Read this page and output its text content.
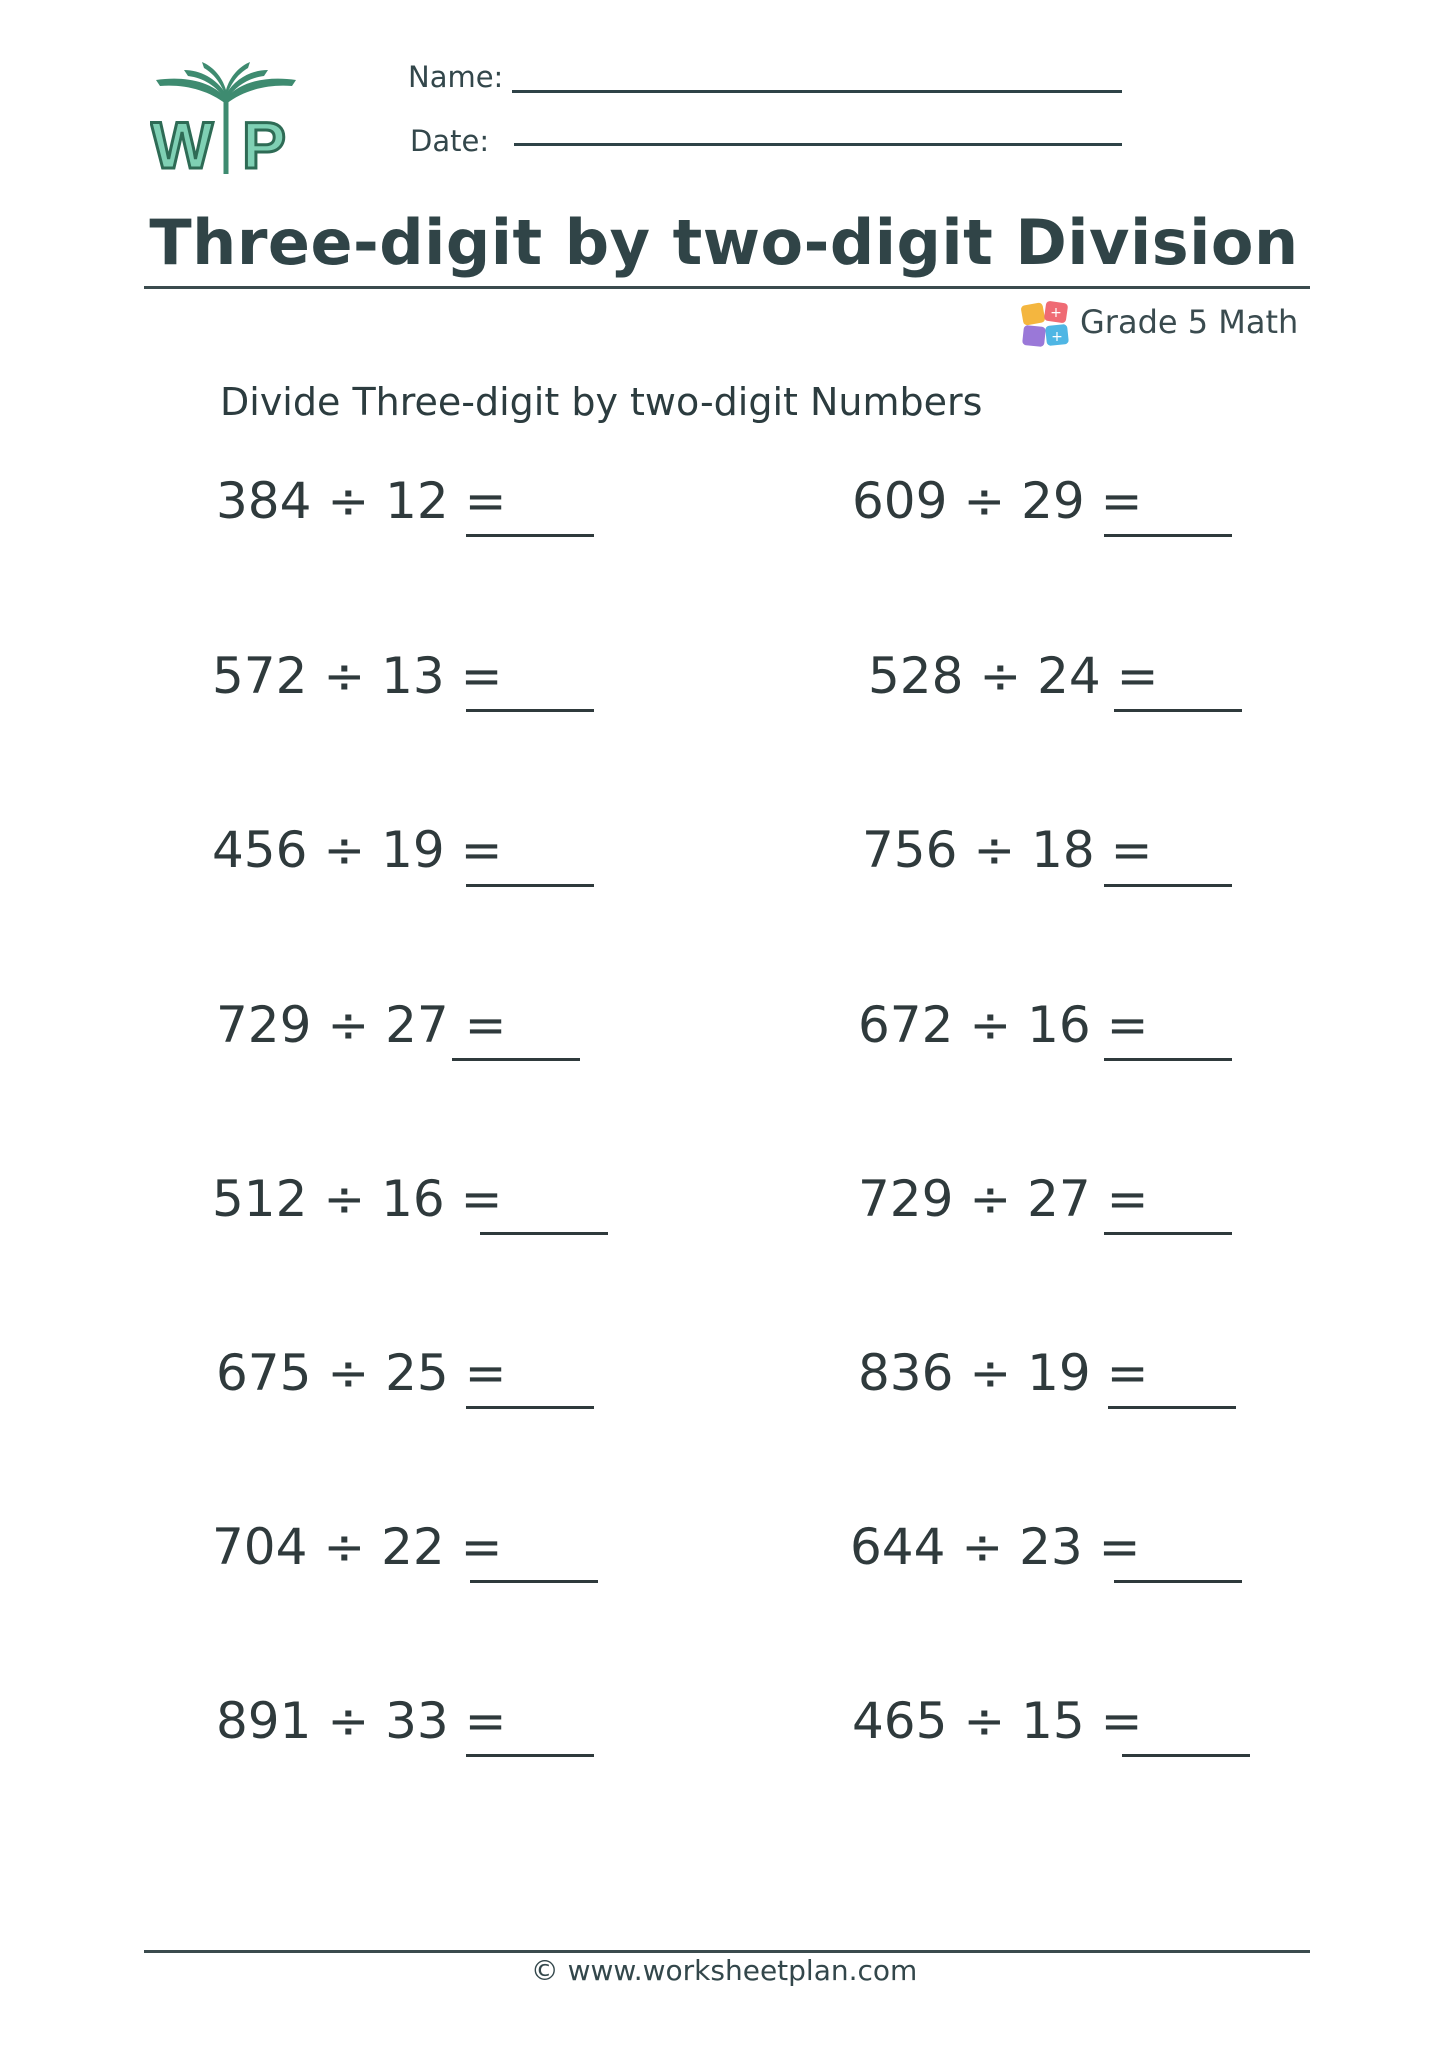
W P
Name:
Date:
Three-digit by two-digit Division
+
+ Grade 5 Math
Divide Three-digit by two-digit Numbers
384 ÷ 12 =
572 ÷ 13 =
456 ÷ 19 =
729 ÷ 27 =
512 ÷ 16 =
675 ÷ 25 =
704 ÷ 22 =
891 ÷ 33 =
609 ÷ 29 =
528 ÷ 24 =
756 ÷ 18 =
672 ÷ 16 =
729 ÷ 27 =
836 ÷ 19 =
644 ÷ 23 =
465 ÷ 15 =
© www.worksheetplan.com
